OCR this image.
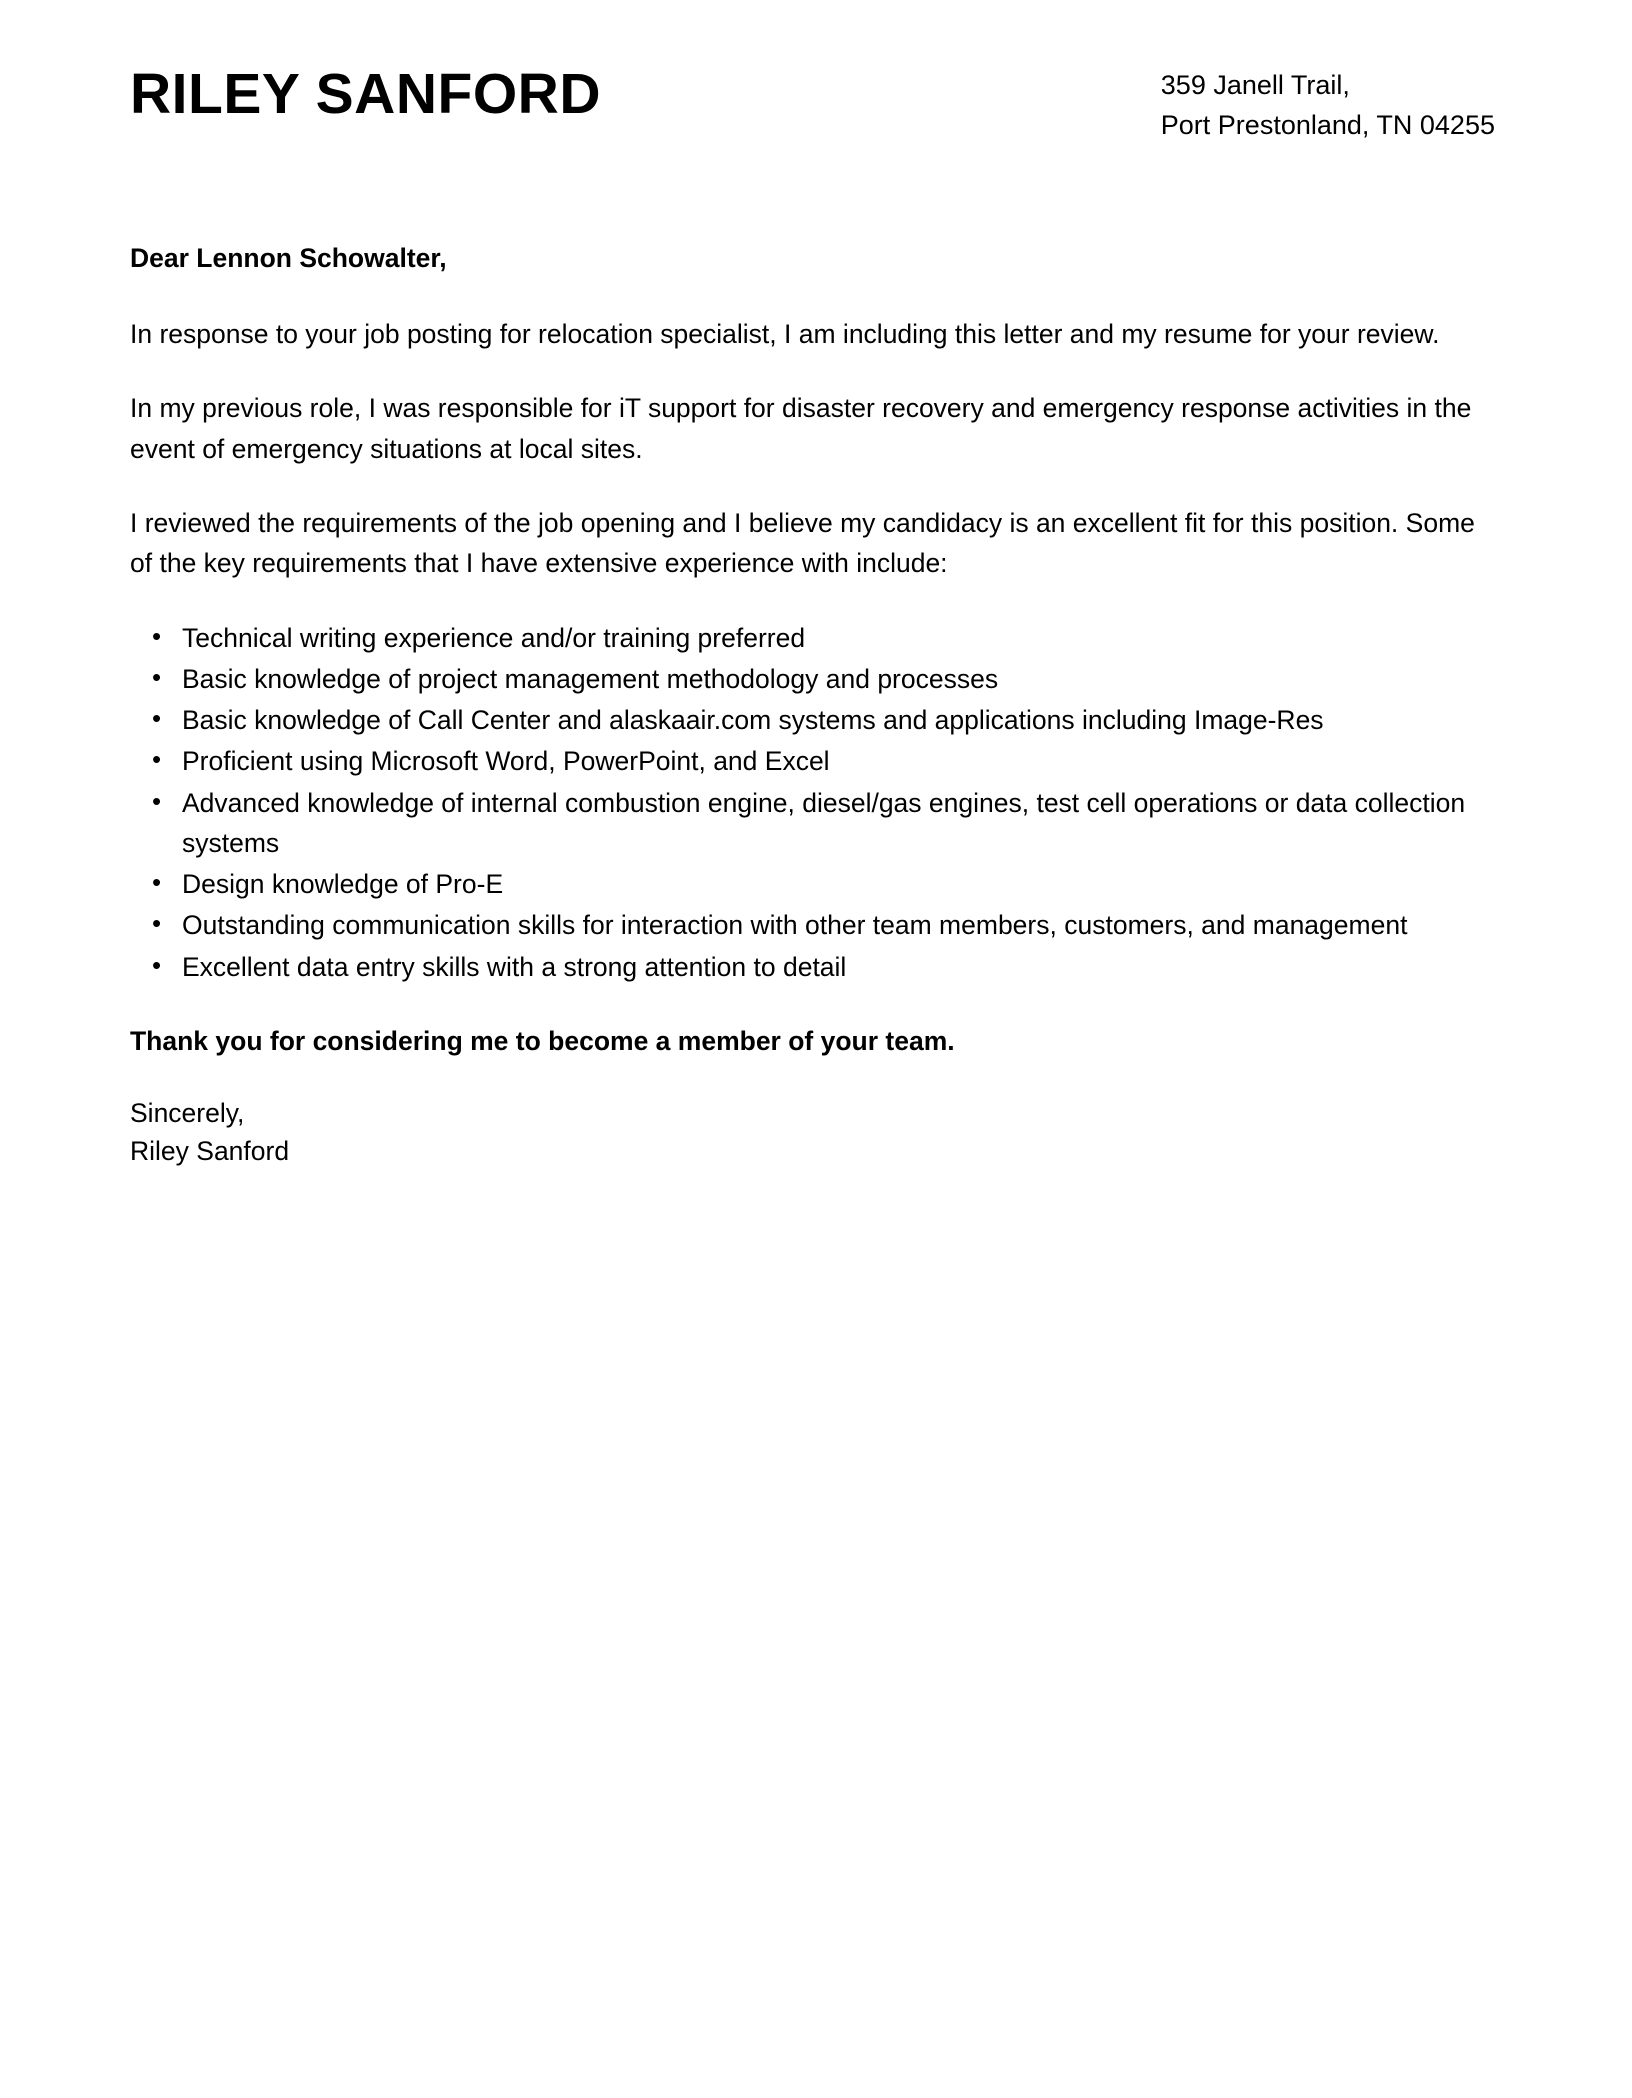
RILEY SANFORD	359 Janell Trail,
Port Prestonland, TN 04255

Dear Lennon Schowalter,

In response to your job posting for relocation specialist, I am including this letter and my resume for your review.

In my previous role, I was responsible for iT support for disaster recovery and emergency response activities in the event of emergency situations at local sites.

I reviewed the requirements of the job opening and I believe my candidacy is an excellent fit for this position. Some of the key requirements that I have extensive experience with include:

• Technical writing experience and/or training preferred
• Basic knowledge of project management methodology and processes
• Basic knowledge of Call Center and alaskaair.com systems and applications including Image-Res
• Proficient using Microsoft Word, PowerPoint, and Excel
• Advanced knowledge of internal combustion engine, diesel/gas engines, test cell operations or data collection systems
• Design knowledge of Pro-E
• Outstanding communication skills for interaction with other team members, customers, and management
• Excellent data entry skills with a strong attention to detail

Thank you for considering me to become a member of your team.

Sincerely,
Riley Sanford
